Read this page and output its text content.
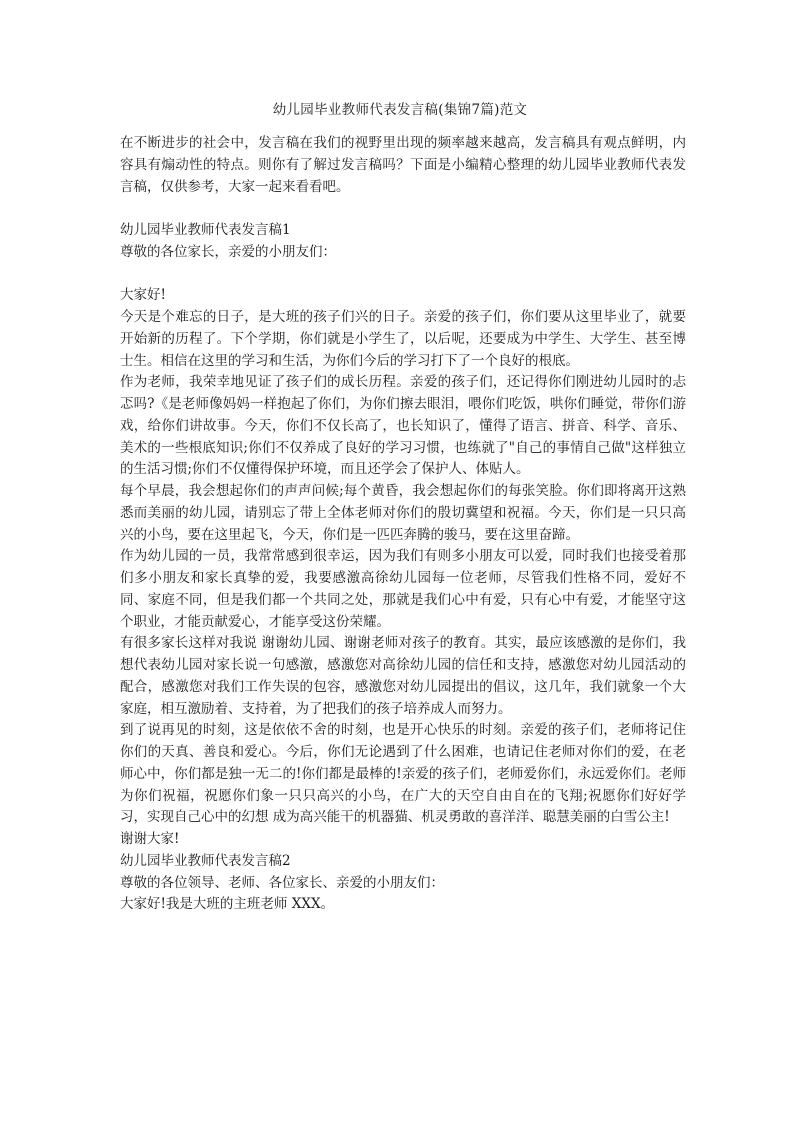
幼儿园毕业教师代表发言稿(集锦7篇)范文

在不断进步的社会中，发言稿在我们的视野里出现的频率越来越高，发言稿具有观点鲜明，内容具有煽动性的特点。则你有了解过发言稿吗？下面是小编精心整理的幼儿园毕业教师代表发言稿，仅供参考，大家一起来看看吧。

幼儿园毕业教师代表发言稿1

尊敬的各位家长，亲爱的小朋友们：

大家好!

今天是个难忘的日子，是大班的孩子们兴的日子。亲爱的孩子们，你们要从这里毕业了，就要开始新的历程了。下个学期，你们就是小学生了，以后呢，还要成为中学生、大学生、甚至博士生。相信在这里的学习和生活，为你们今后的学习打下了一个良好的根底。

作为老师，我荣幸地见证了孩子们的成长历程。亲爱的孩子们，还记得你们刚进幼儿园时的忐忑吗?《是老师像妈妈一样抱起了你们，为你们擦去眼泪，喂你们吃饭，哄你们睡觉，带你们游戏，给你们讲故事。今天，你们不仅长高了，也长知识了，懂得了语言、拼音、科学、音乐、美术的一些根底知识;你们不仅养成了良好的学习习惯，也练就了"自己的事情自己做"这样独立的生活习惯;你们不仅懂得保护环境，而且还学会了保护人、体贴人。

每个早晨，我会想起你们的声声问候;每个黄昏，我会想起你们的每张笑脸。你们即将离开这熟悉而美丽的幼儿园，请别忘了带上全体老师对你们的殷切冀望和祝福。今天，你们是一只只高兴的小鸟，要在这里起飞，今天，你们是一匹匹奔腾的骏马，要在这里奋蹄。

作为幼儿园的一员，我常常感到很幸运，因为我们有则多小朋友可以爱，同时我们也接受着那们多小朋友和家长真挚的爱，我要感激高徐幼儿园每一位老师，尽管我们性格不同，爱好不同、家庭不同，但是我们都一个共同之处，那就是我们心中有爱，只有心中有爱，才能坚守这个职业，才能贡献爱心，才能享受这份荣耀。

有很多家长这样对我说 谢谢幼儿园、谢谢老师对孩子的教育。其实，最应该感激的是你们，我想代表幼儿园对家长说一句感激，感激您对高徐幼儿园的信任和支持，感激您对幼儿园活动的配合，感激您对我们工作失误的包容，感激您对幼儿园提出的倡议，这几年，我们就象一个大家庭，相互激励着、支持着，为了把我们的孩子培养成人而努力。

到了说再见的时刻，这是依依不舍的时刻，也是开心快乐的时刻。亲爱的孩子们，老师将记住你们的天真、善良和爱心。今后，你们无论遇到了什么困难，也请记住老师对你们的爱，在老师心中，你们都是独一无二的!你们都是最棒的!亲爱的孩子们，老师爱你们，永远爱你们。老师为你们祝福，祝愿你们象一只只高兴的小鸟，在广大的天空自由自在的飞翔;祝愿你们好好学习，实现自己心中的幻想 成为高兴能干的机器猫、机灵勇敢的喜洋洋、聪慧美丽的白雪公主!

谢谢大家!

幼儿园毕业教师代表发言稿2

尊敬的各位领导、老师、各位家长、亲爱的小朋友们：

大家好!我是大班的主班老师 XXX。
